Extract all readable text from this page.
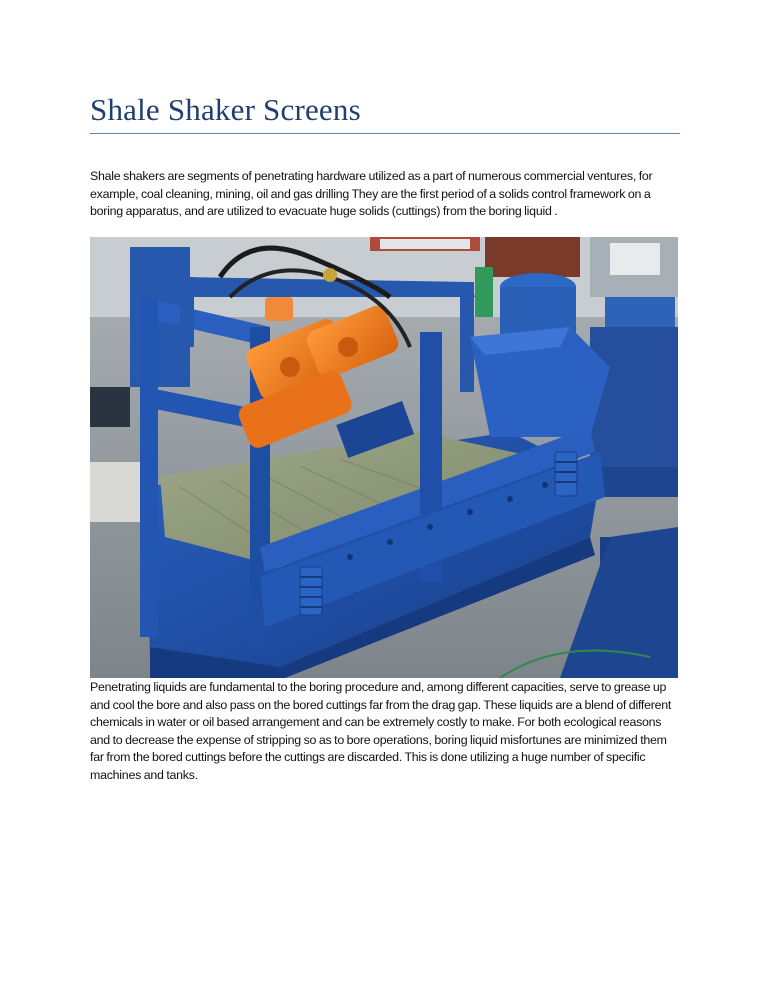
Shale Shaker Screens

Shale shakers are segments of penetrating hardware utilized as a part of numerous commercial ventures, for example, coal cleaning, mining, oil and gas drilling They are the first period of a solids control framework on a boring apparatus, and are utilized to evacuate huge solids (cuttings) from the boring liquid .

Penetrating liquids are fundamental to the boring procedure and, among different capacities, serve to grease up and cool the bore and also pass on the bored cuttings far from the drag gap. These liquids are a blend of different chemicals in water or oil based arrangement and can be extremely costly to make. For both ecological reasons and to decrease the expense of stripping so as to bore operations, boring liquid misfortunes are minimized them far from the bored cuttings before the cuttings are discarded. This is done utilizing a huge number of specific machines and tanks.
